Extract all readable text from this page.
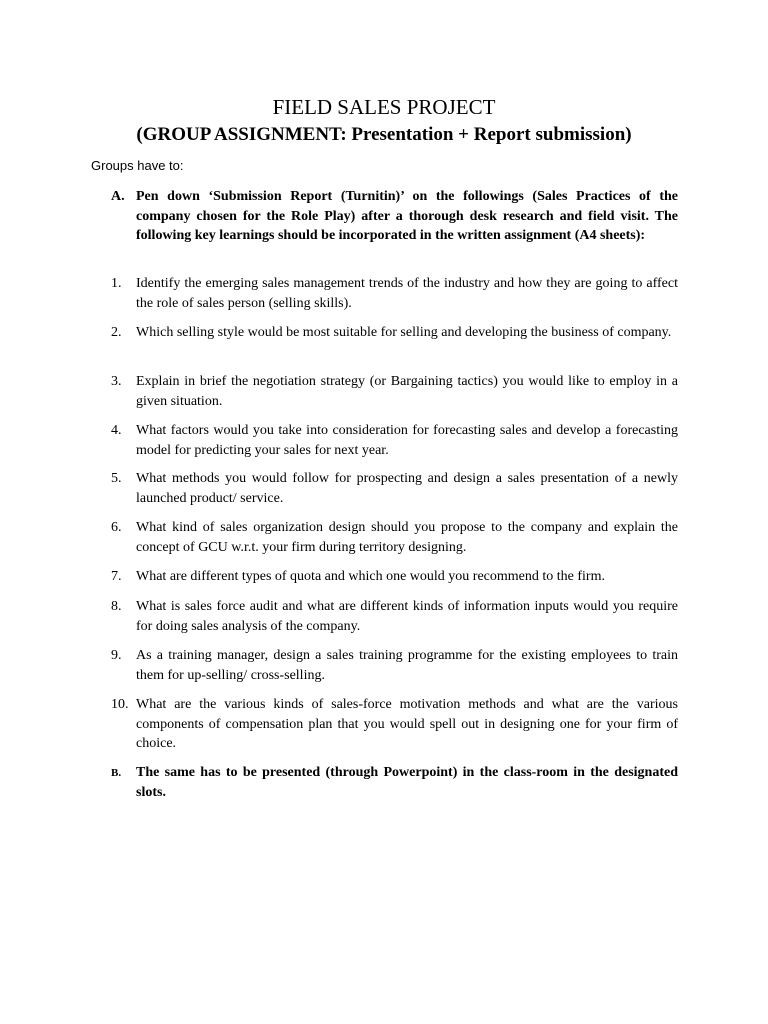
FIELD SALES PROJECT
(GROUP ASSIGNMENT: Presentation + Report submission)
Groups have to:
A. Pen down ‘Submission Report (Turnitin)’ on the followings (Sales Practices of the company chosen for the Role Play) after a thorough desk research and field visit. The following key learnings should be incorporated in the written assignment (A4 sheets):
1. Identify the emerging sales management trends of the industry and how they are going to affect the role of sales person (selling skills).
2. Which selling style would be most suitable for selling and developing the business of company.
3. Explain in brief the negotiation strategy (or Bargaining tactics) you would like to employ in a given situation.
4. What factors would you take into consideration for forecasting sales and develop a forecasting model for predicting your sales for next year.
5. What methods you would follow for prospecting and design a sales presentation of a newly launched product/ service.
6. What kind of sales organization design should you propose to the company and explain the concept of GCU w.r.t. your firm during territory designing.
7. What are different types of quota and which one would you recommend to the firm.
8. What is sales force audit and what are different kinds of information inputs would you require for doing sales analysis of the company.
9. As a training manager, design a sales training programme for the existing employees to train them for up-selling/ cross-selling.
10. What are the various kinds of sales-force motivation methods and what are the various components of compensation plan that you would spell out in designing one for your firm of choice.
B. The same has to be presented (through Powerpoint) in the class-room in the designated slots.
